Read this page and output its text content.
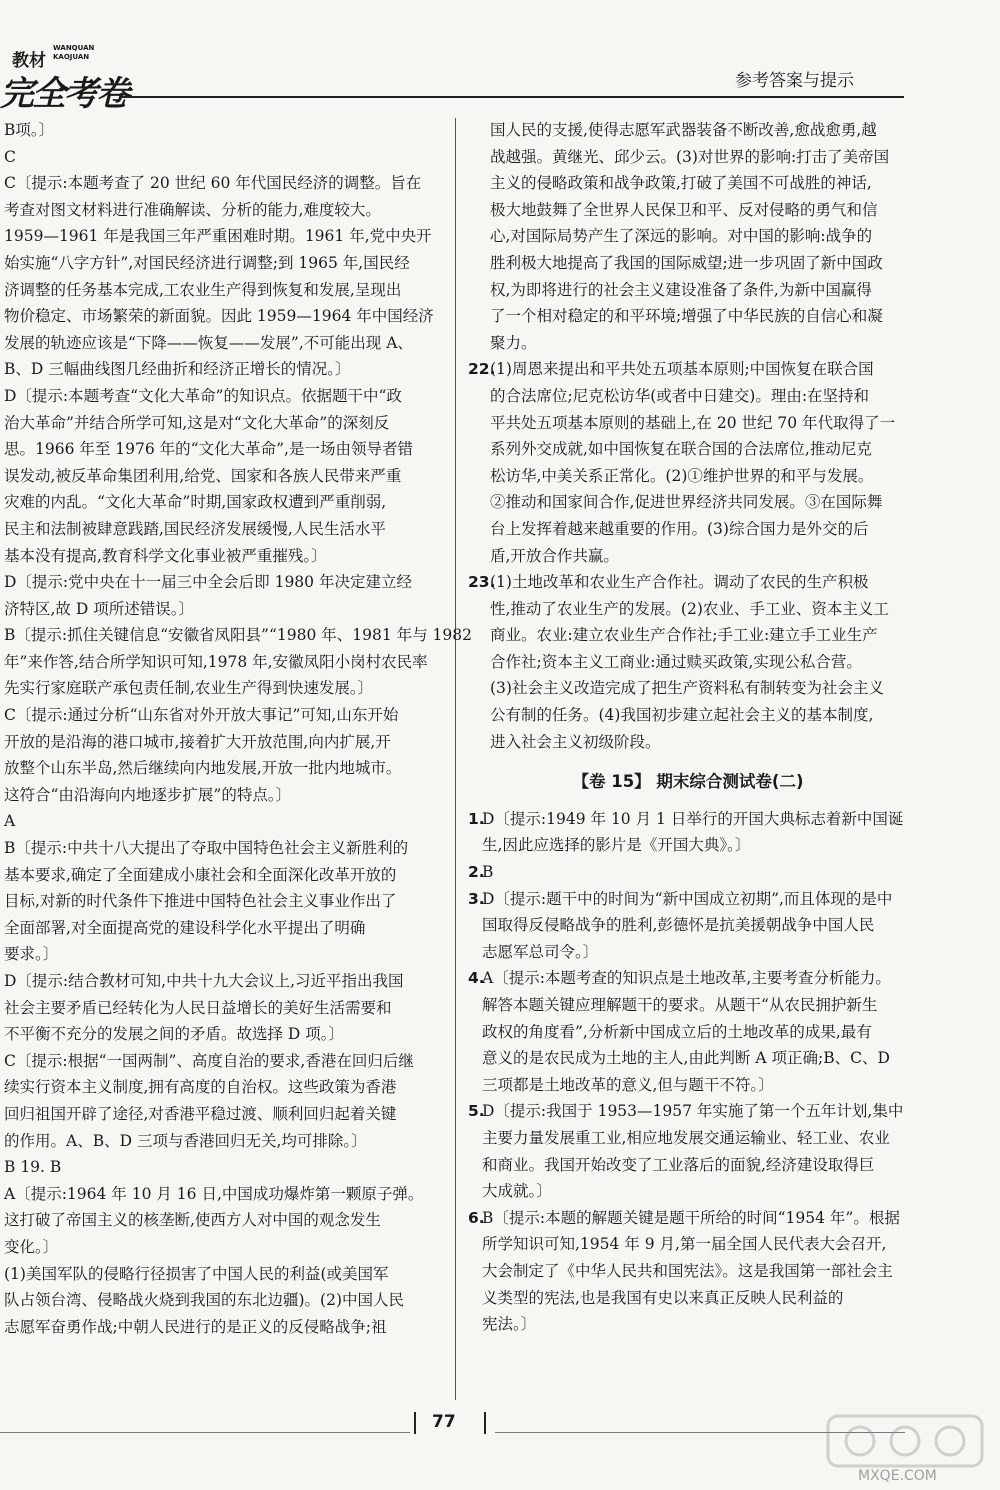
教材
WANQUAN
KAOJUAN
完全考卷	参考答案与提示
B项。〕
C
C〔提示:本题考查了 20 世纪 60 年代国民经济的调整。旨在
考查对图文材料进行准确解读、分析的能力,难度较大。
1959—1961 年是我国三年严重困难时期。1961 年,党中央开
始实施“八字方针”,对国民经济进行调整;到 1965 年,国民经
济调整的任务基本完成,工农业生产得到恢复和发展,呈现出
物价稳定、市场繁荣的新面貌。因此 1959—1964 年中国经济
发展的轨迹应该是“下降——恢复——发展”,不可能出现 A、
B、D 三幅曲线图几经曲折和经济正增长的情况。〕
D〔提示:本题考查“文化大革命”的知识点。依据题干中“政
治大革命”并结合所学可知,这是对“文化大革命”的深刻反
思。1966 年至 1976 年的“文化大革命”,是一场由领导者错
误发动,被反革命集团利用,给党、国家和各族人民带来严重
灾难的内乱。“文化大革命”时期,国家政权遭到严重削弱,
民主和法制被肆意践踏,国民经济发展缓慢,人民生活水平
基本没有提高,教育科学文化事业被严重摧残。〕
D〔提示:党中央在十一届三中全会后即 1980 年决定建立经
济特区,故 D 项所述错误。〕
B〔提示:抓住关键信息“安徽省凤阳县”“1980 年、1981 年与 1982
年”来作答,结合所学知识可知,1978 年,安徽凤阳小岗村农民率
先实行家庭联产承包责任制,农业生产得到快速发展。〕
C〔提示:通过分析“山东省对外开放大事记”可知,山东开始
开放的是沿海的港口城市,接着扩大开放范围,向内扩展,开
放整个山东半岛,然后继续向内地发展,开放一批内地城市。
这符合“由沿海向内地逐步扩展”的特点。〕
A
B〔提示:中共十八大提出了夺取中国特色社会主义新胜利的
基本要求,确定了全面建成小康社会和全面深化改革开放的
目标,对新的时代条件下推进中国特色社会主义事业作出了
全面部署,对全面提高党的建设科学化水平提出了明确
要求。〕
D〔提示:结合教材可知,中共十九大会议上,习近平指出我国
社会主要矛盾已经转化为人民日益增长的美好生活需要和
不平衡不充分的发展之间的矛盾。故选择 D 项。〕
C〔提示:根据“一国两制”、高度自治的要求,香港在回归后继
续实行资本主义制度,拥有高度的自治权。这些政策为香港
回归祖国开辟了途径,对香港平稳过渡、顺利回归起着关键
的作用。A、B、D 三项与香港回归无关,均可排除。〕
B 19. B
A〔提示:1964 年 10 月 16 日,中国成功爆炸第一颗原子弹。
这打破了帝国主义的核垄断,使西方人对中国的观念发生
变化。〕
(1)美国军队的侵略行径损害了中国人民的利益(或美国军
队占领台湾、侵略战火烧到我国的东北边疆)。(2)中国人民
志愿军奋勇作战;中朝人民进行的是正义的反侵略战争;祖
国人民的支援,使得志愿军武器装备不断改善,愈战愈勇,越
战越强。黄继光、邱少云。(3)对世界的影响:打击了美帝国
主义的侵略政策和战争政策,打破了美国不可战胜的神话,
极大地鼓舞了全世界人民保卫和平、反对侵略的勇气和信
心,对国际局势产生了深远的影响。对中国的影响:战争的
胜利极大地提高了我国的国际威望;进一步巩固了新中国政
权,为即将进行的社会主义建设准备了条件,为新中国赢得
了一个相对稳定的和平环境;增强了中华民族的自信心和凝
聚力。
22.(1)周恩来提出和平共处五项基本原则;中国恢复在联合国
的合法席位;尼克松访华(或者中日建交)。理由:在坚持和
平共处五项基本原则的基础上,在 20 世纪 70 年代取得了一
系列外交成就,如中国恢复在联合国的合法席位,推动尼克
松访华,中美关系正常化。(2)①维护世界的和平与发展。
②推动和国家间合作,促进世界经济共同发展。③在国际舞
台上发挥着越来越重要的作用。(3)综合国力是外交的后
盾,开放合作共赢。
23.(1)土地改革和农业生产合作社。调动了农民的生产积极
性,推动了农业生产的发展。(2)农业、手工业、资本主义工
商业。农业:建立农业生产合作社;手工业:建立手工业生产
合作社;资本主义工商业:通过赎买政策,实现公私合营。
(3)社会主义改造完成了把生产资料私有制转变为社会主义
公有制的任务。(4)我国初步建立起社会主义的基本制度,
进入社会主义初级阶段。
【卷 15】 期末综合测试卷(二)
1.D〔提示:1949 年 10 月 1 日举行的开国大典标志着新中国诞
生,因此应选择的影片是《开国大典》。〕
2.B
3.D〔提示:题干中的时间为“新中国成立初期”,而且体现的是中
国取得反侵略战争的胜利,彭德怀是抗美援朝战争中国人民
志愿军总司令。〕
4.A〔提示:本题考查的知识点是土地改革,主要考查分析能力。
解答本题关键应理解题干的要求。从题干“从农民拥护新生
政权的角度看”,分析新中国成立后的土地改革的成果,最有
意义的是农民成为土地的主人,由此判断 A 项正确;B、C、D
三项都是土地改革的意义,但与题干不符。〕
5.D〔提示:我国于 1953—1957 年实施了第一个五年计划,集中
主要力量发展重工业,相应地发展交通运输业、轻工业、农业
和商业。我国开始改变了工业落后的面貌,经济建设取得巨
大成就。〕
6.B〔提示:本题的解题关键是题干所给的时间“1954 年”。根据
所学知识可知,1954 年 9 月,第一届全国人民代表大会召开,
大会制定了《中华人民共和国宪法》。这是我国第一部社会主
义类型的宪法,也是我国有史以来真正反映人民利益的
宪法。〕
77
MXQE.COM
